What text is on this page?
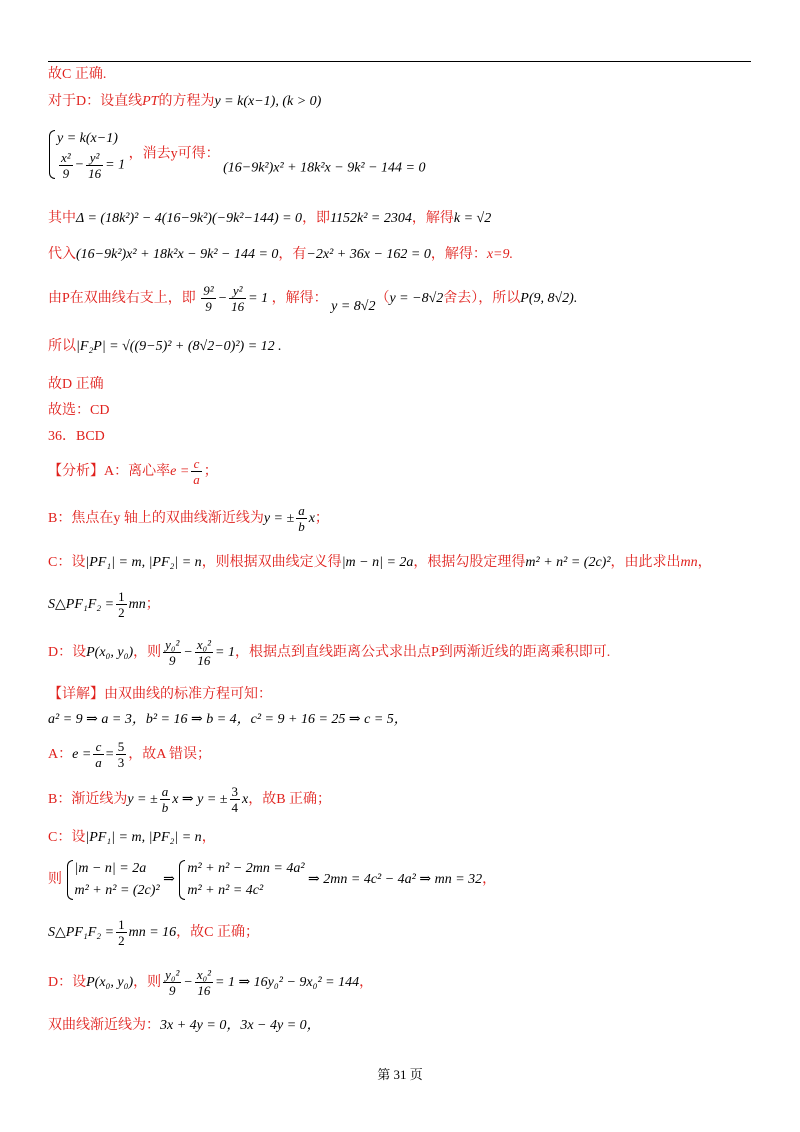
故C 正确.
对于D：设直线PT的方程为y = k(x−1), (k > 0)
y = k(x−1)
$\frac{\text{x²}}{9} - \frac{\text{y²}}{16} = 1$
，消去y可得： (16−9k²)x² + 18k²x − 9k² − 144 = 0
其中Δ = (18k²)² − 4(16−9k²)(−9k²−144) = 0，即1152k² = 2304，解得k = √2
代入(16−9k²)x² + 18k²x − 9k² − 144 = 0，有−2x² + 36x − 162 = 0，解得：x=9.
由P在双曲线右支上，即 $\frac{\text{9²}}{9} - \frac{\text{y²}}{16} = 1$ ，解得： y = 8√2（y = −8√2舍去），所以P(9, 8√2).
所以|F₂P| = √((9−5)² + (8√2−0)²) = 12 .
故D 正确
故选：CD
36．BCD
【分析】A：离心率$e = \frac{c}{a}$ ；
B：焦点在y 轴上的双曲线渐近线为y = ± $\frac{a}{b}$ x；
C：设|PF₁| = m, |PF₂| = n，则根据双曲线定义得|m − n| = 2a，根据勾股定理得m² + n² = (2c)²，由此求出mn，
S△PF₁F₂ = $\frac{1}{2}$ mn；
D：设P(x₀, y₀)，则 $\frac{\text{y₀²}}{9} - \frac{\text{x₀²}}{16} = 1$，根据点到直线距离公式求出点P到两渐近线的距离乘积即可.
【详解】由双曲线的标准方程可知：
a² = 9 ⇒ a = 3，b² = 16 ⇒ b = 4，c² = 9 + 16 = 25 ⇒ c = 5，
A：$e = \frac{c}{a} = \frac{5}{3}$ ，故A 错误；
B：渐近线为y = ± $\frac{a}{b}$ x ⇒ y = ± $\frac{3}{4}$ x，故B 正确；
C：设|PF₁| = m, |PF₂| = n，
则
|m − n| = 2a
m² + n² = (2c)²
⇒
m² + n² − 2mn = 4a²
m² + n² = 4c²
⇒ 2mn = 4c² − 4a² ⇒ mn = 32，
S△PF₁F₂ = $\frac{1}{2}$ mn = 16，故C 正确；
D：设P(x₀, y₀)，则 $\frac{\text{y₀²}}{9} - \frac{\text{x₀²}}{16} = 1$ ⇒ 16y₀² − 9x₀² = 144，
双曲线渐近线为：3x + 4y = 0，3x − 4y = 0，
第 31 页
